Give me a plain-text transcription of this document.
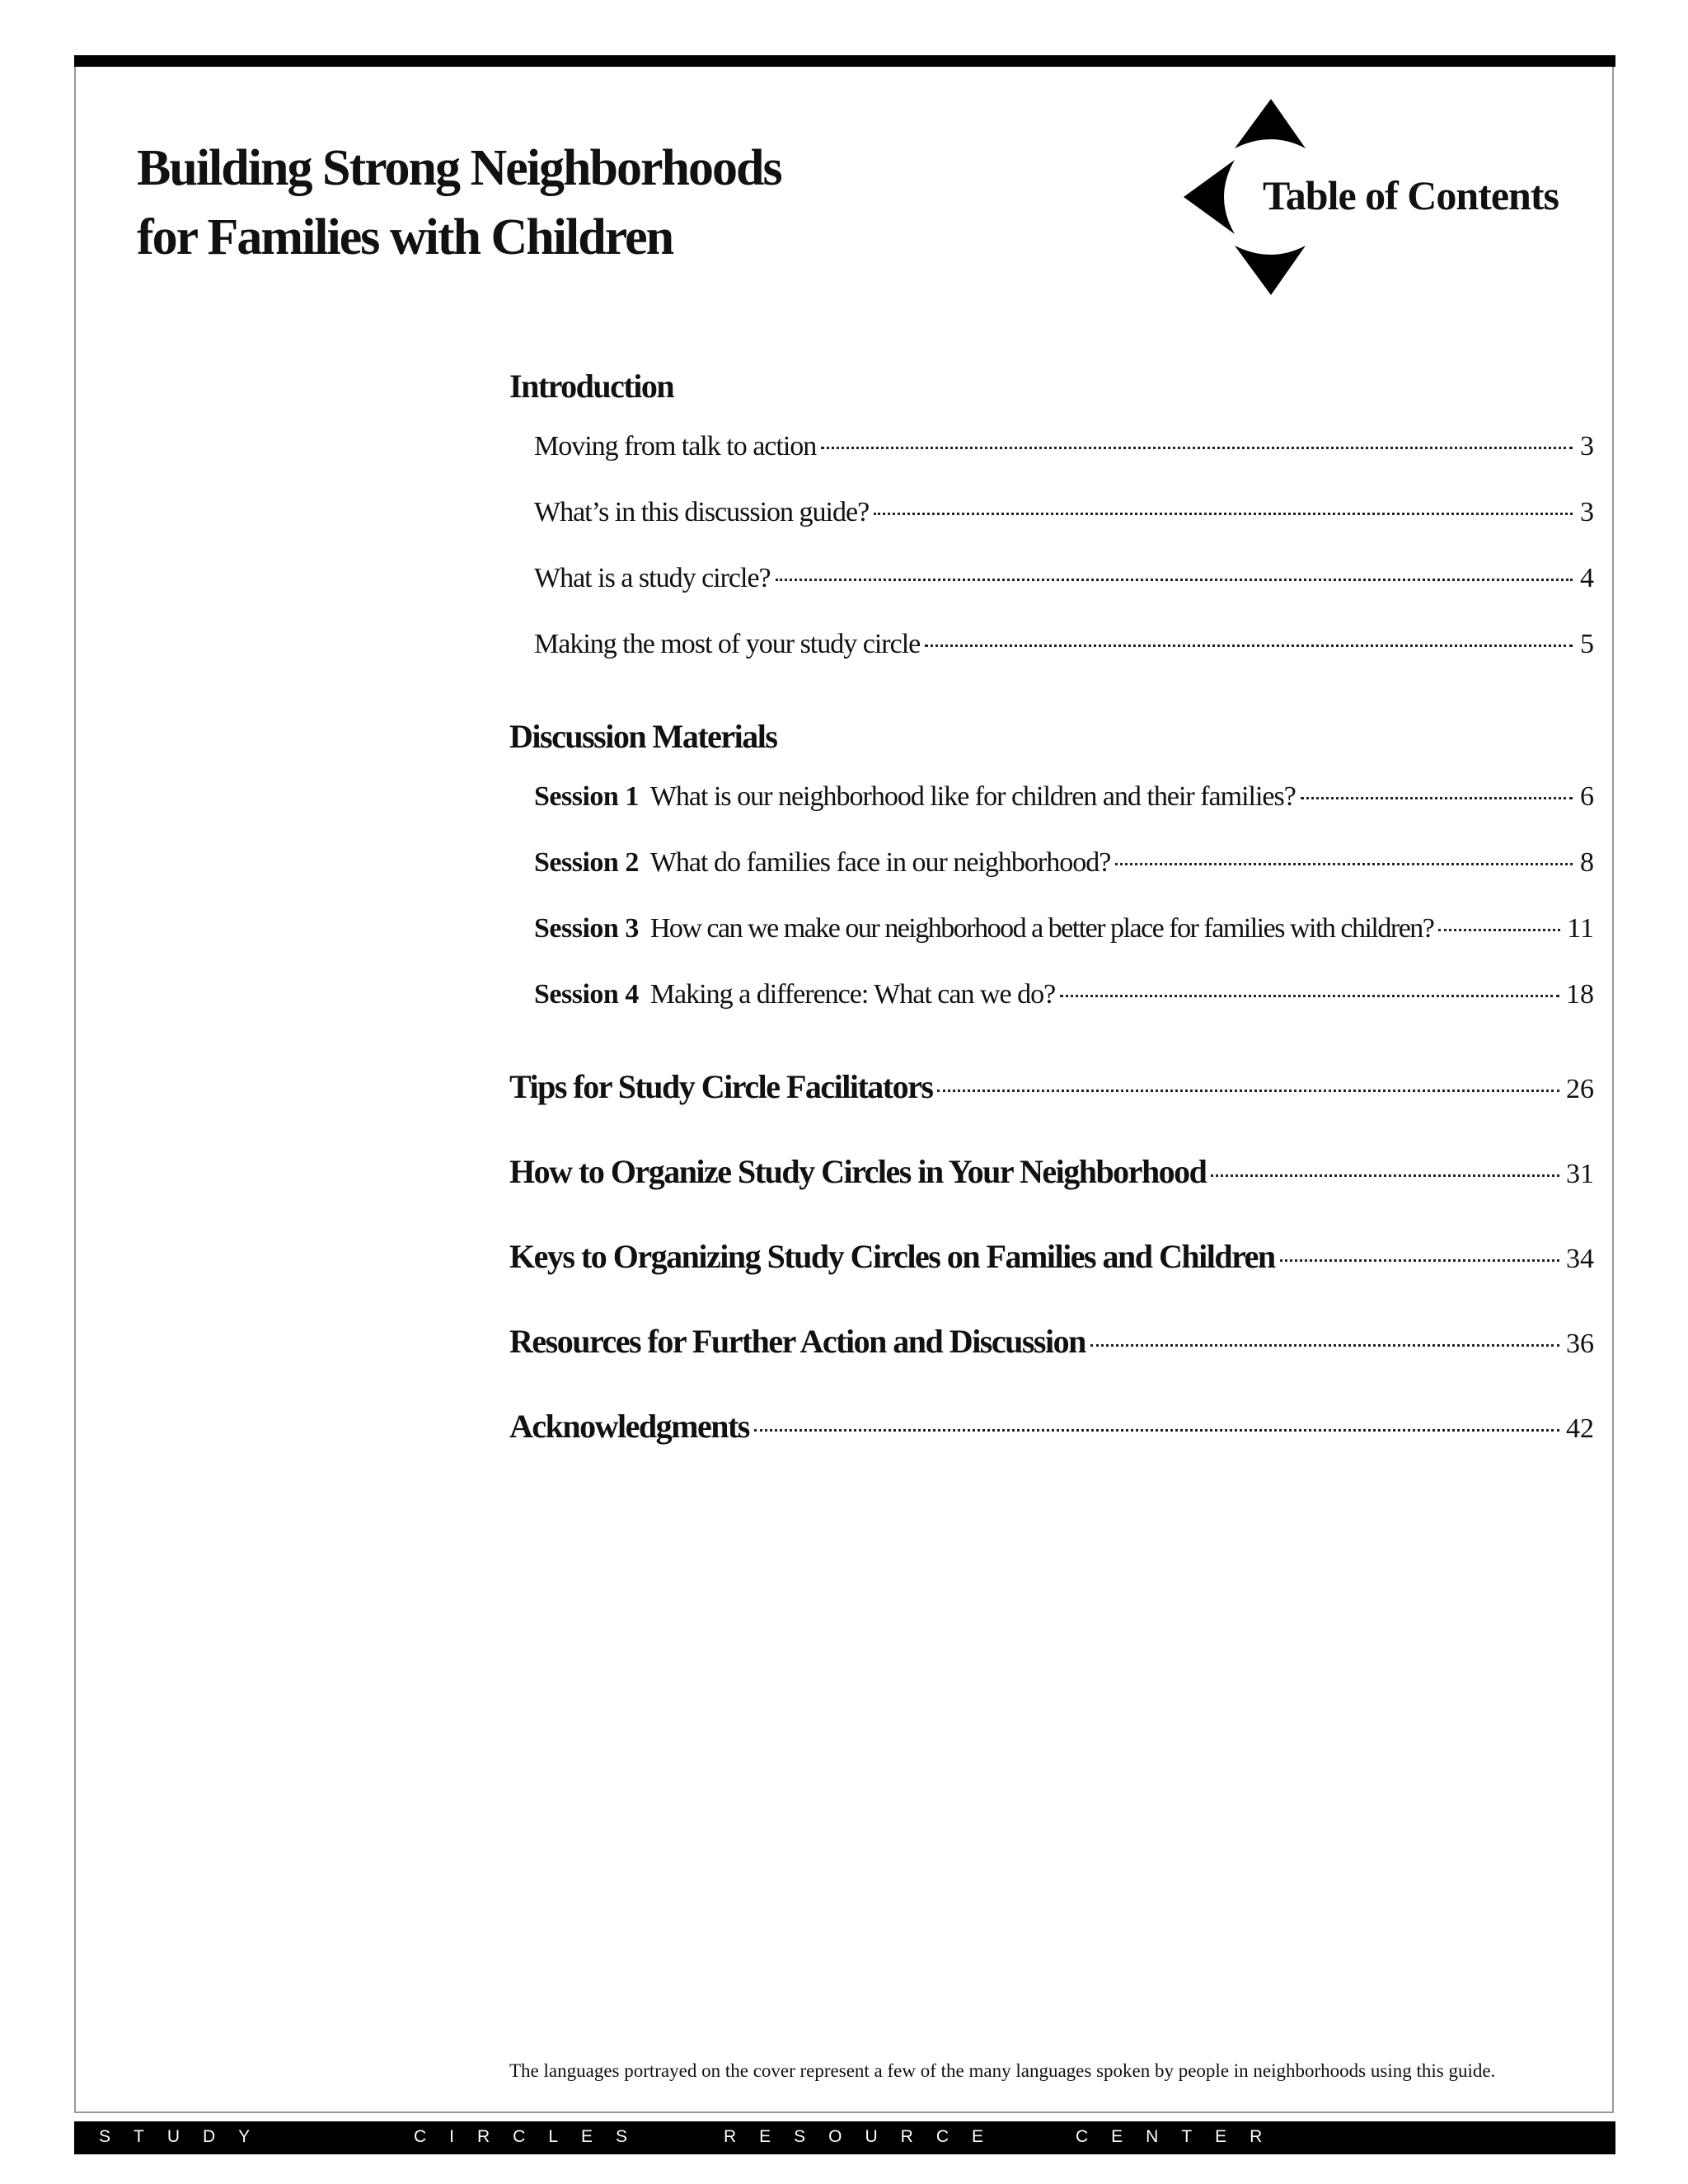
Building Strong Neighborhoods
for Families with Children
Table of Contents
Introduction
Moving from talk to action	3
What’s in this discussion guide?	3
What is a study circle?	4
Making the most of your study circle	5
Discussion Materials
Session 1 What is our neighborhood like for children and their families?	6
Session 2 What do families face in our neighborhood?	8
Session 3 How can we make our neighborhood a better place for families with children?	11
Session 4 Making a difference: What can we do?	18
Tips for Study Circle Facilitators	26
How to Organize Study Circles in Your Neighborhood	31
Keys to Organizing Study Circles on Families and Children	34
Resources for Further Action and Discussion	36
Acknowledgments	42

The languages portrayed on the cover represent a few of the many languages spoken by people in neighborhoods using this guide.

STUDY	CIRCLES	RESOURCE	CENTER
